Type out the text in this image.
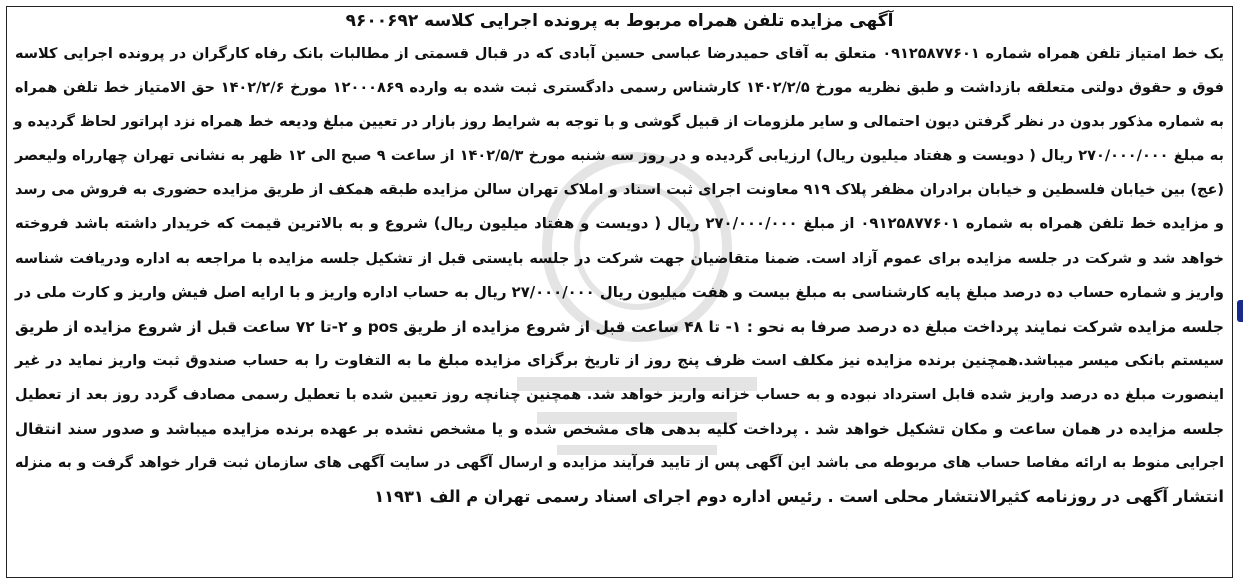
آگهی مزایده تلفن همراه مربوط به پرونده اجرایی کلاسه ۹۶۰۰۶۹۲
یک خط امتیاز تلفن همراه شماره ۰۹۱۲۵۸۷۷۶۰۱ متعلق به آقای حمیدرضا عباسی حسین آبادی که در قبال قسمتی از مطالبات بانک رفاه کارگران در پرونده اجرایی کلاسه
فوق و حقوق دولتی متعلقه بازداشت و طبق نظریه مورخ ۱۴۰۲/۲/۵ کارشناس رسمی دادگستری ثبت شده به وارده ۱۲۰۰۰۸۶۹ مورخ ۱۴۰۲/۲/۶ حق الامتیاز خط تلفن همراه
به شماره مذکور بدون در نظر گرفتن دیون احتمالی و سایر ملزومات از قبیل گوشی و با توجه به شرایط روز بازار در تعیین مبلغ ودیعه خط همراه نزد اپراتور لحاظ گردیده و
به مبلغ ۲۷۰/۰۰۰/۰۰۰ ریال ( دویست و هفتاد میلیون ریال) ارزیابی گردیده و در روز سه شنبه مورخ ۱۴۰۲/۵/۳ از ساعت ۹ صبح الی ۱۲ ظهر به نشانی تهران چهارراه ولیعصر
(عج) بین خیابان فلسطین و خیابان برادران مظفر پلاک ۹۱۹ معاونت اجرای ثبت اسناد و املاک تهران سالن مزایده طبقه همکف از طریق مزایده حضوری به فروش می رسد
و مزایده خط تلفن همراه به شماره ۰۹۱۲۵۸۷۷۶۰۱ از مبلغ ۲۷۰/۰۰۰/۰۰۰ ریال ( دویست و هفتاد میلیون ریال) شروع و به بالاترین قیمت که خریدار داشته باشد فروخته
خواهد شد و شرکت در جلسه مزایده برای عموم آزاد است. ضمنا متقاضیان جهت شرکت در جلسه بایستی قبل از تشکیل جلسه مزایده با مراجعه به اداره ودریافت شناسه
واریز و شماره حساب ده درصد مبلغ پایه کارشناسی به مبلغ بیست و هفت میلیون ریال ۲۷/۰۰۰/۰۰۰ ریال به حساب اداره واریز و با ارایه اصل فیش واریز و کارت ملی در
جلسه مزایده شرکت نمایند پرداخت مبلغ ده درصد صرفا به نحو : ۱- تا ۴۸ ساعت قبل از شروع مزایده از طریق pos و ۲-تا ۷۲ ساعت قبل از شروع مزایده از طریق
سیستم بانکی میسر میباشد.همچنین برنده مزایده نیز مکلف است ظرف پنج روز از تاریخ برگزای مزایده مبلغ ما به التفاوت را به حساب صندوق ثبت واریز نماید در غیر
اینصورت مبلغ ده درصد واریز شده قابل استرداد نبوده و به حساب خزانه واریز خواهد شد. همچنین چنانچه روز تعیین شده با تعطیل رسمی مصادف گردد روز بعد از تعطیل
جلسه مزایده در همان ساعت و مکان تشکیل خواهد شد . پرداخت کلیه بدهی های مشخص شده و یا مشخص نشده بر عهده برنده مزایده میباشد و صدور سند انتقال
اجرایی منوط به ارائه مفاصا حساب های مربوطه می باشد این آگهی پس از تایید فرآیند مزایده و ارسال آگهی در سایت آگهی های سازمان ثبت قرار خواهد گرفت و به منزله
انتشار آگهی در روزنامه کثیرالانتشار محلی است . رئیس اداره دوم اجرای اسناد رسمی تهران م الف ۱۱۹۳۱
